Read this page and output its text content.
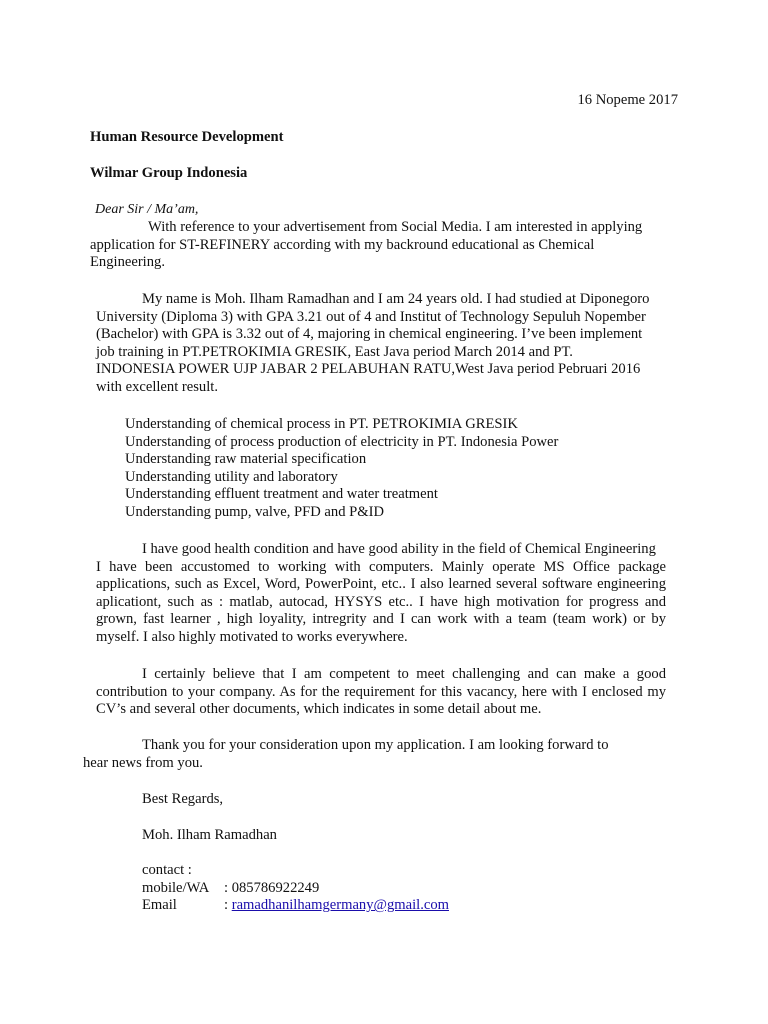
16 Nopeme 2017
Human Resource Development
Wilmar Group Indonesia
Dear Sir / Ma’am,
With reference to your advertisement from Social Media. I am interested in applying
application for ST-REFINERY according with my backround educational as Chemical
Engineering.
My name is Moh. Ilham Ramadhan and I am 24 years old. I had studied at Diponegoro
University (Diploma 3) with GPA 3.21 out of 4 and Institut of Technology Sepuluh Nopember
(Bachelor) with GPA is 3.32 out of 4, majoring in chemical engineering. I’ve been implement
job training in PT.PETROKIMIA GRESIK, East Java period March 2014 and PT.
INDONESIA POWER UJP JABAR 2 PELABUHAN RATU,West Java period Pebruari 2016
with excellent result.
Understanding of chemical process in PT. PETROKIMIA GRESIK
Understanding of process production of electricity in PT. Indonesia Power
Understanding raw material specification
Understanding utility and laboratory
Understanding effluent treatment and water treatment
Understanding pump, valve, PFD and P&ID
I have good health condition and have good ability in the field of Chemical Engineering
I have been accustomed to working with computers. Mainly operate MS Office package
applications, such as Excel, Word, PowerPoint, etc.. I also learned several software engineering
aplicationt, such as : matlab, autocad, HYSYS etc.. I have high motivation for progress and
grown, fast learner , high loyality, intregrity and I can work with a team (team work) or by
myself. I also highly motivated to works everywhere.
I certainly believe that I am competent to meet challenging and can make a good
contribution to your company. As for the requirement for this vacancy, here with I enclosed my
CV’s and several other documents, which indicates in some detail about me.
Thank you for your consideration upon my application. I am looking forward to
hear news from you.
Best Regards,
Moh. Ilham Ramadhan
contact :
mobile/WA	: 085786922249
Email	: ramadhanilhamgermany@gmail.com
